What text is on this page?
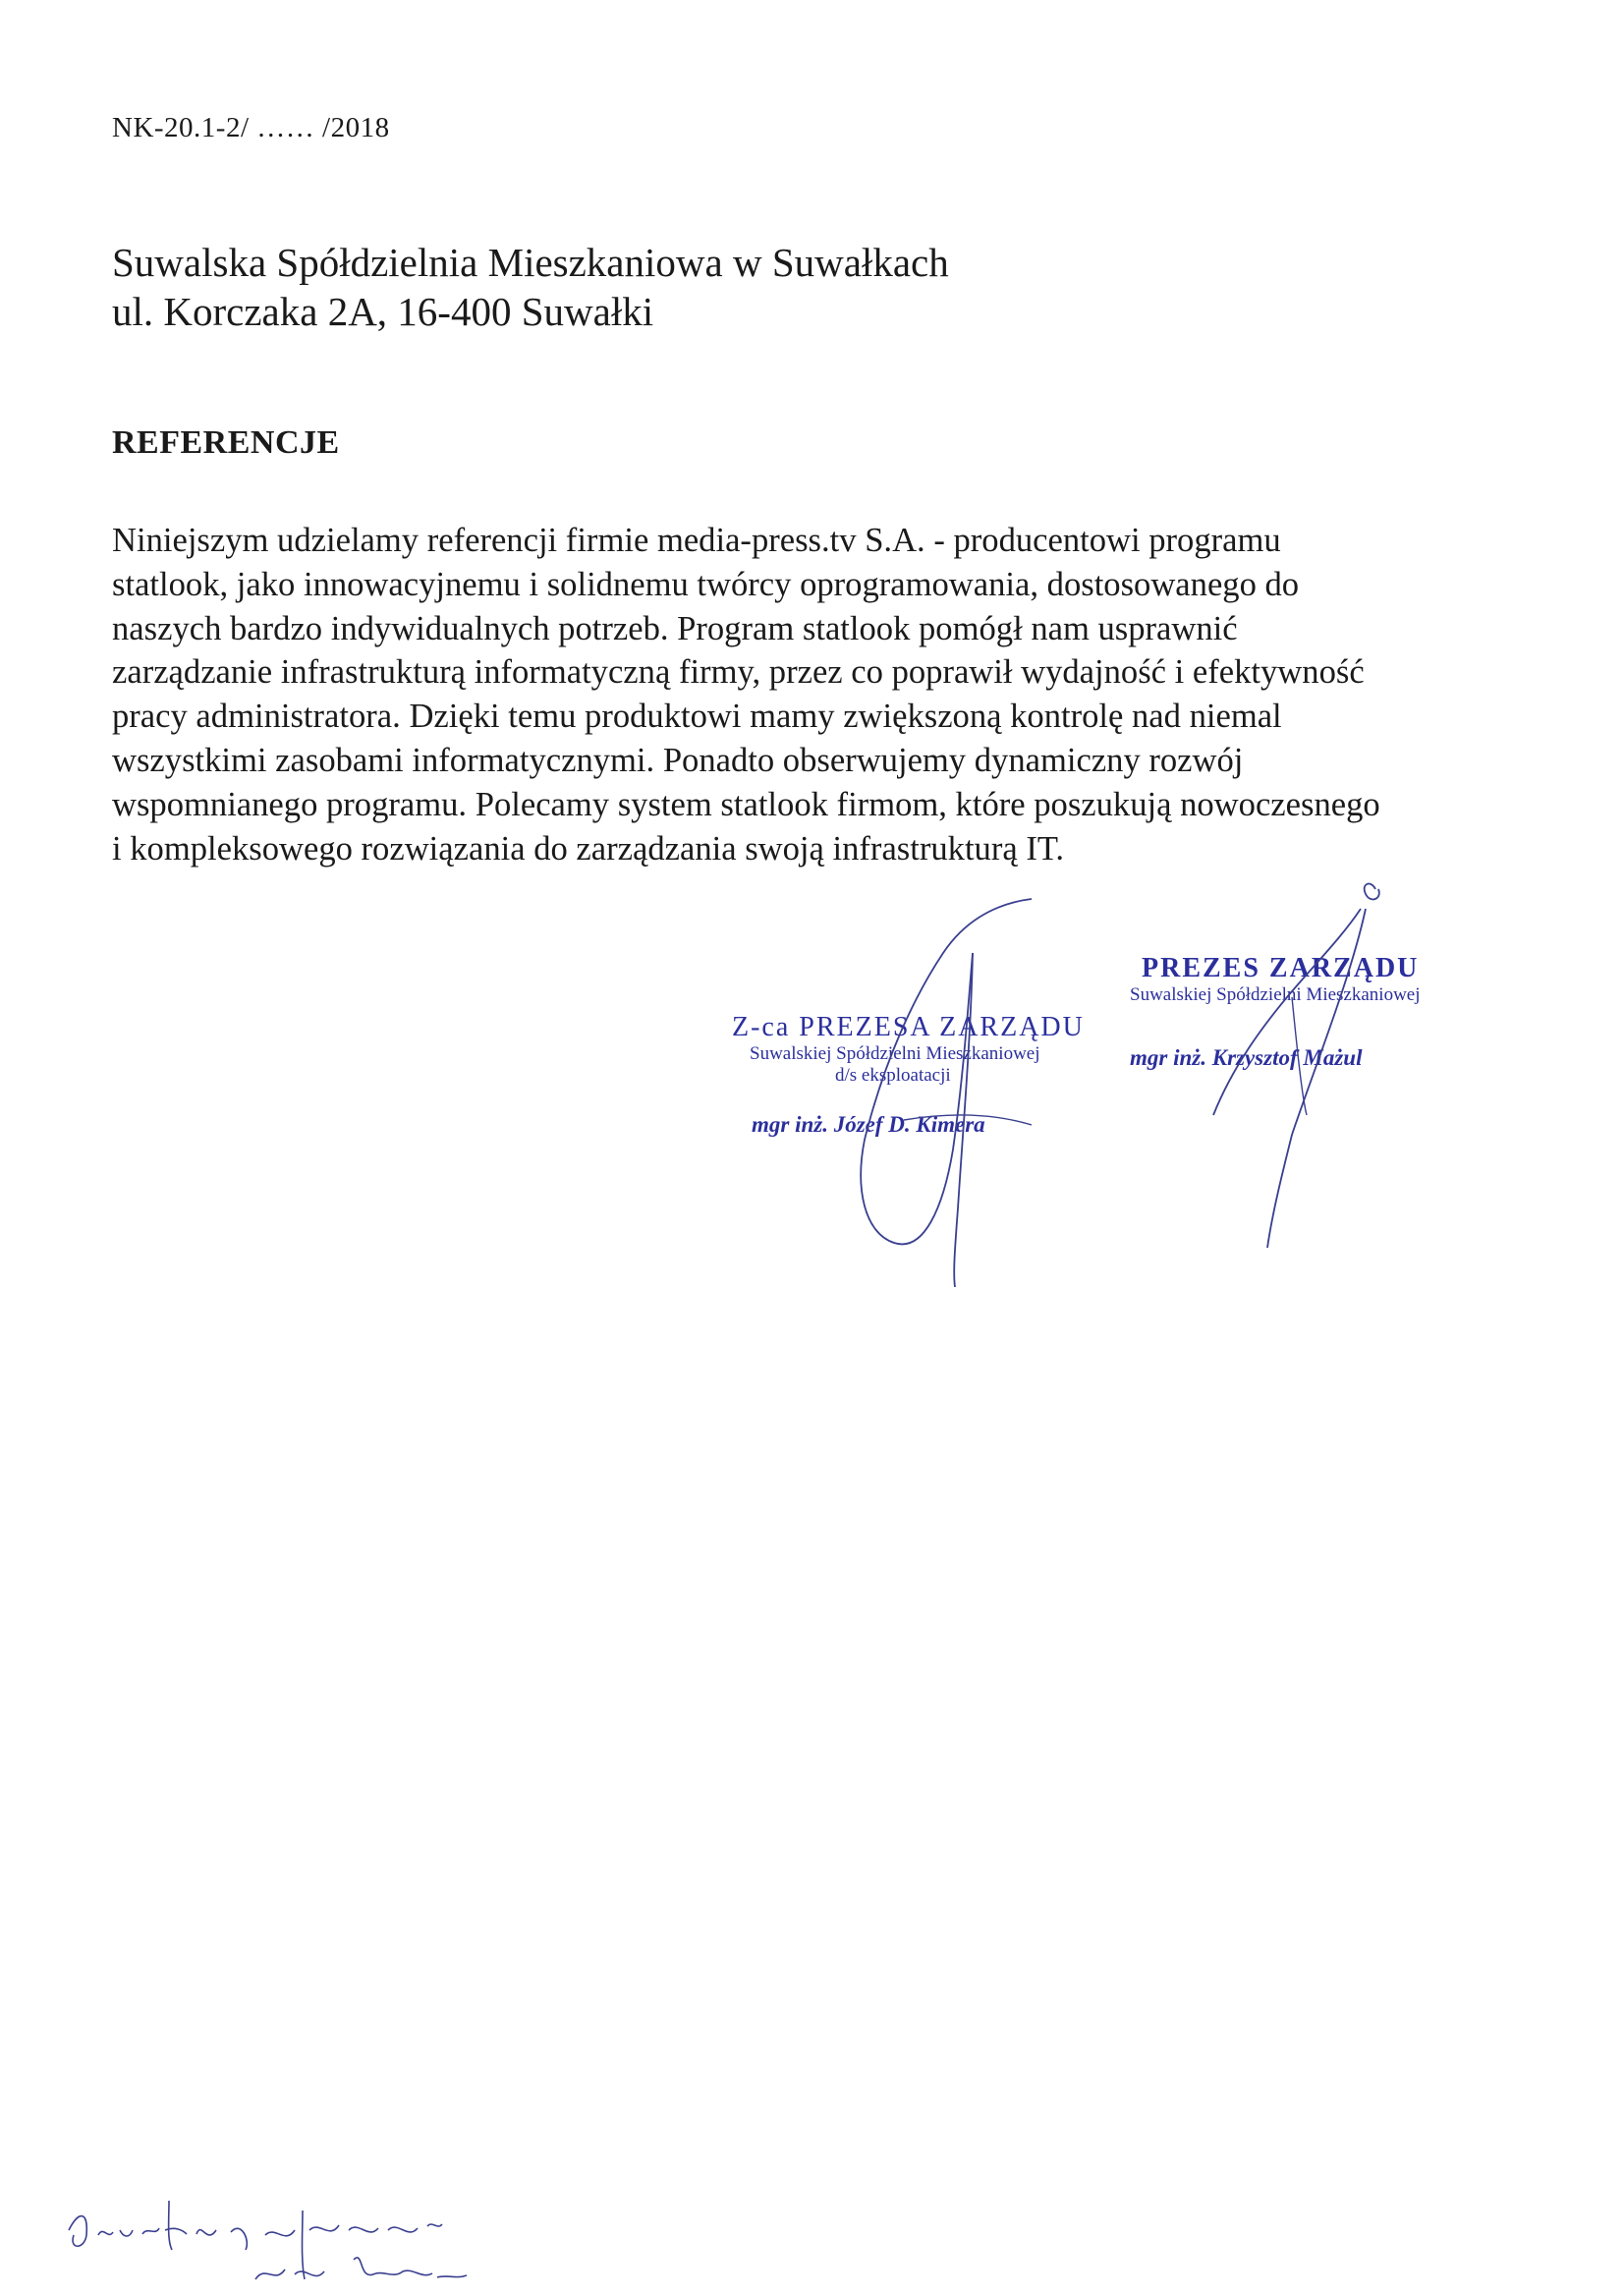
NK-20.1-2/ …… /2018
Suwalska Spółdzielnia Mieszkaniowa w Suwałkach
ul. Korczaka 2A, 16-400 Suwałki
REFERENCJE
Niniejszym udzielamy referencji firmie media-press.tv S.A. - producentowi programu
statlook, jako innowacyjnemu i solidnemu twórcy oprogramowania, dostosowanego do
naszych bardzo indywidualnych potrzeb. Program statlook pomógł nam usprawnić
zarządzanie infrastrukturą informatyczną firmy, przez co poprawił wydajność i efektywność
pracy administratora. Dzięki temu produktowi mamy zwiększoną kontrolę nad niemal
wszystkimi zasobami informatycznymi. Ponadto obserwujemy dynamiczny rozwój
wspomnianego programu. Polecamy system statlook firmom, które poszukują nowoczesnego
i kompleksowego rozwiązania do zarządzania swoją infrastrukturą IT.
Z-ca PREZESA ZARZĄDU
Suwalskiej Spółdzielni Mieszkaniowej
d/s eksploatacji
mgr inż. Józef D. Kimera
PREZES ZARZĄDU
Suwalskiej Spółdzielni Mieszkaniowej
mgr inż. Krzysztof Mażul
